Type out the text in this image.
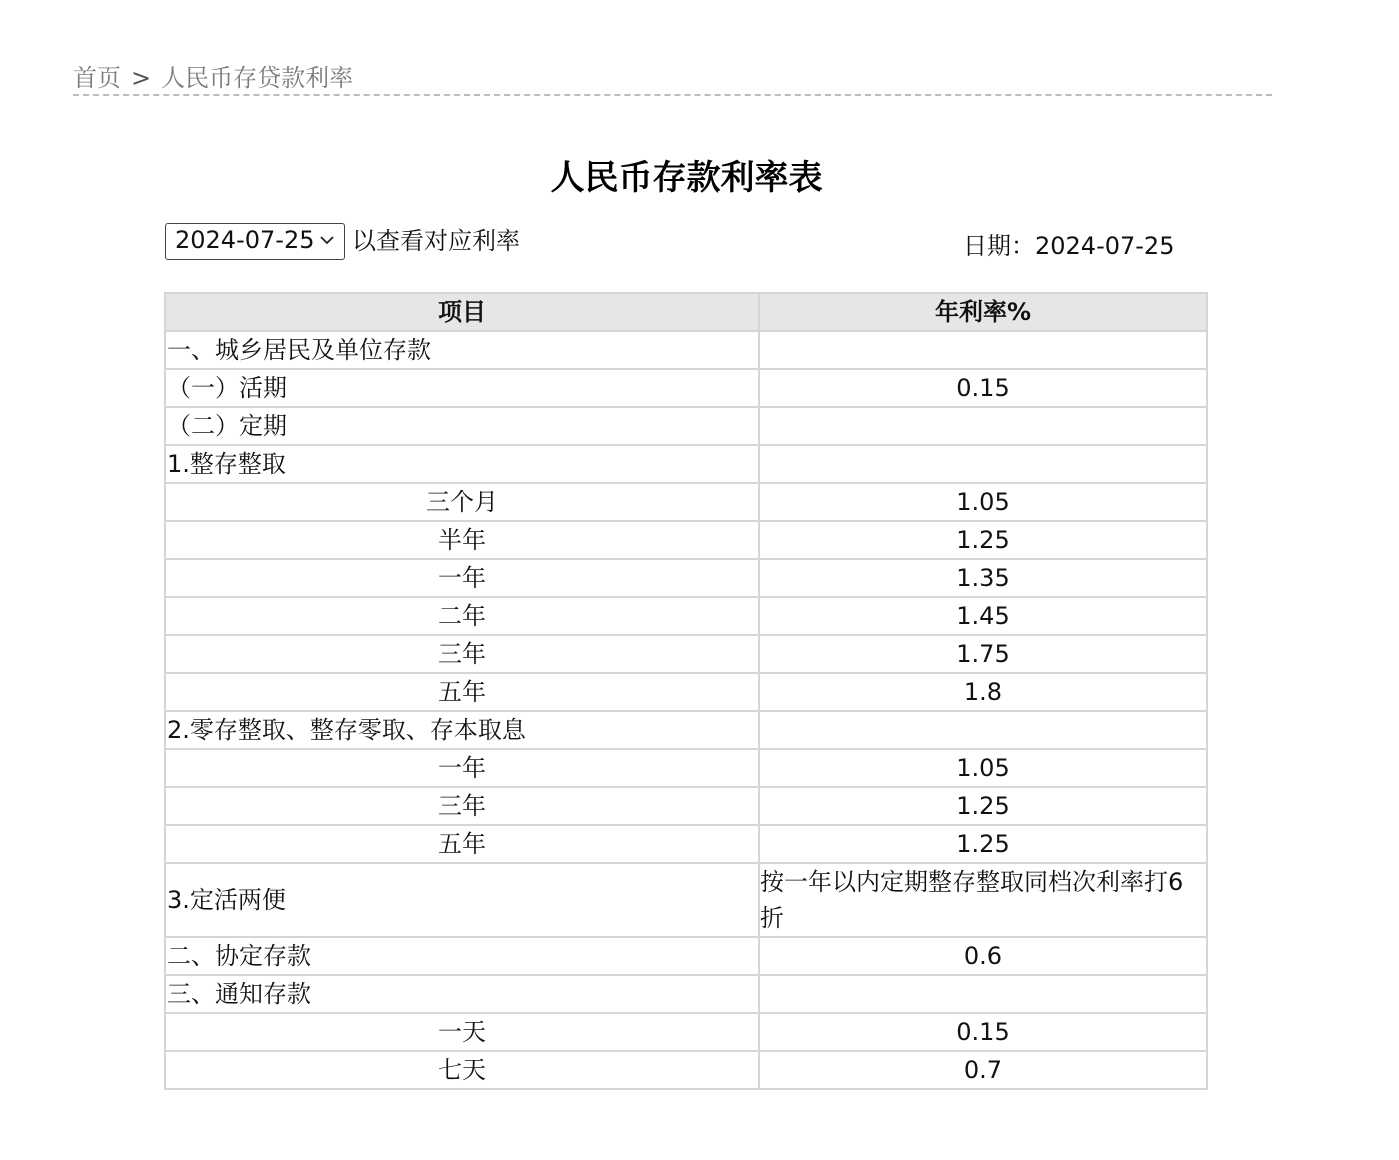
首页 > 人民币存贷款利率
人民币存款利率表
2024-07-25	以查看对应利率	日期：2024-07-25
项目	年利率%
一、城乡居民及单位存款	
（一）活期	0.15
（二）定期	
1.整存整取	
三个月	1.05
半年	1.25
一年	1.35
二年	1.45
三年	1.75
五年	1.8
2.零存整取、整存零取、存本取息	
一年	1.05
三年	1.25
五年	1.25
3.定活两便	按一年以内定期整存整取同档次利率打6折
二、协定存款	0.6
三、通知存款	
一天	0.15
七天	0.7
